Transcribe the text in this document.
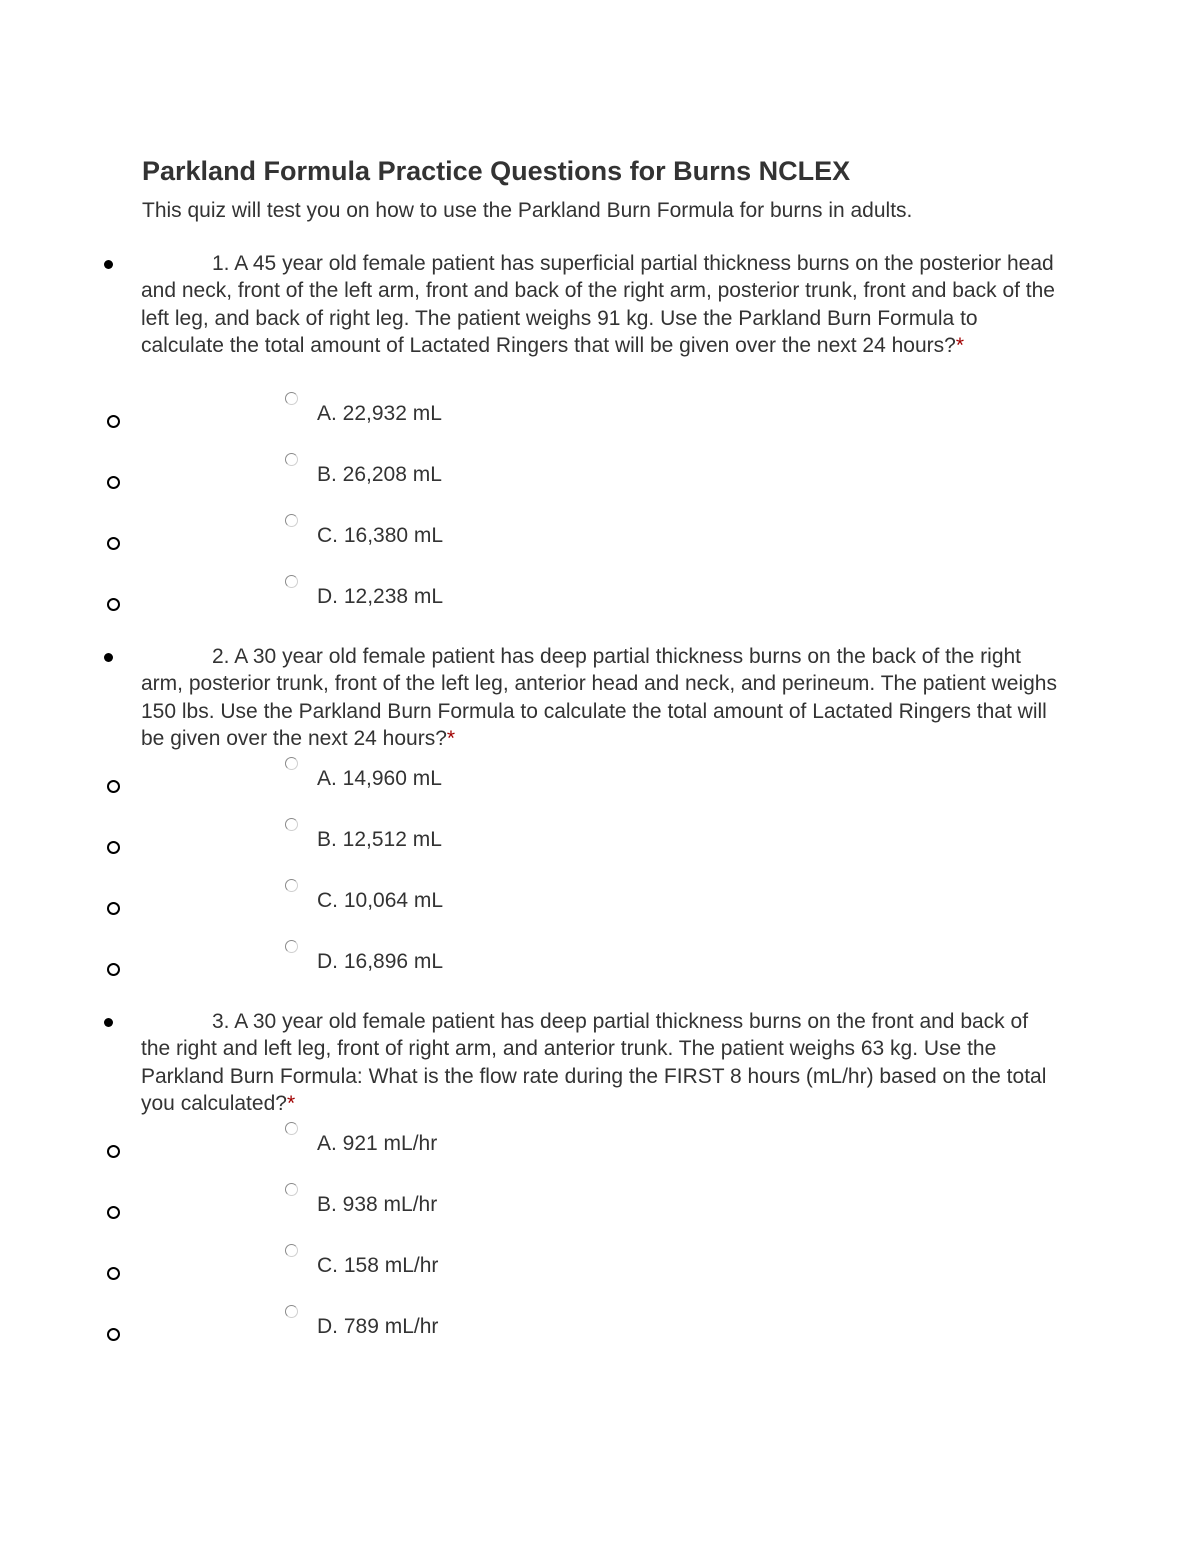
Parkland Formula Practice Questions for Burns NCLEX

This quiz will test you on how to use the Parkland Burn Formula for burns in adults.

1. A 45 year old female patient has superficial partial thickness burns on the posterior head and neck, front of the left arm, front and back of the right arm, posterior trunk, front and back of the left leg, and back of right leg. The patient weighs 91 kg. Use the Parkland Burn Formula to calculate the total amount of Lactated Ringers that will be given over the next 24 hours?*
A. 22,932 mL
B. 26,208 mL
C. 16,380 mL
D. 12,238 mL
2. A 30 year old female patient has deep partial thickness burns on the back of the right arm, posterior trunk, front of the left leg, anterior head and neck, and perineum. The patient weighs 150 lbs. Use the Parkland Burn Formula to calculate the total amount of Lactated Ringers that will be given over the next 24 hours?*
A. 14,960 mL
B. 12,512 mL
C. 10,064 mL
D. 16,896 mL
3. A 30 year old female patient has deep partial thickness burns on the front and back of the right and left leg, front of right arm, and anterior trunk. The patient weighs 63 kg. Use the Parkland Burn Formula: What is the flow rate during the FIRST 8 hours (mL/hr) based on the total you calculated?*
A. 921 mL/hr
B. 938 mL/hr
C. 158 mL/hr
D. 789 mL/hr
